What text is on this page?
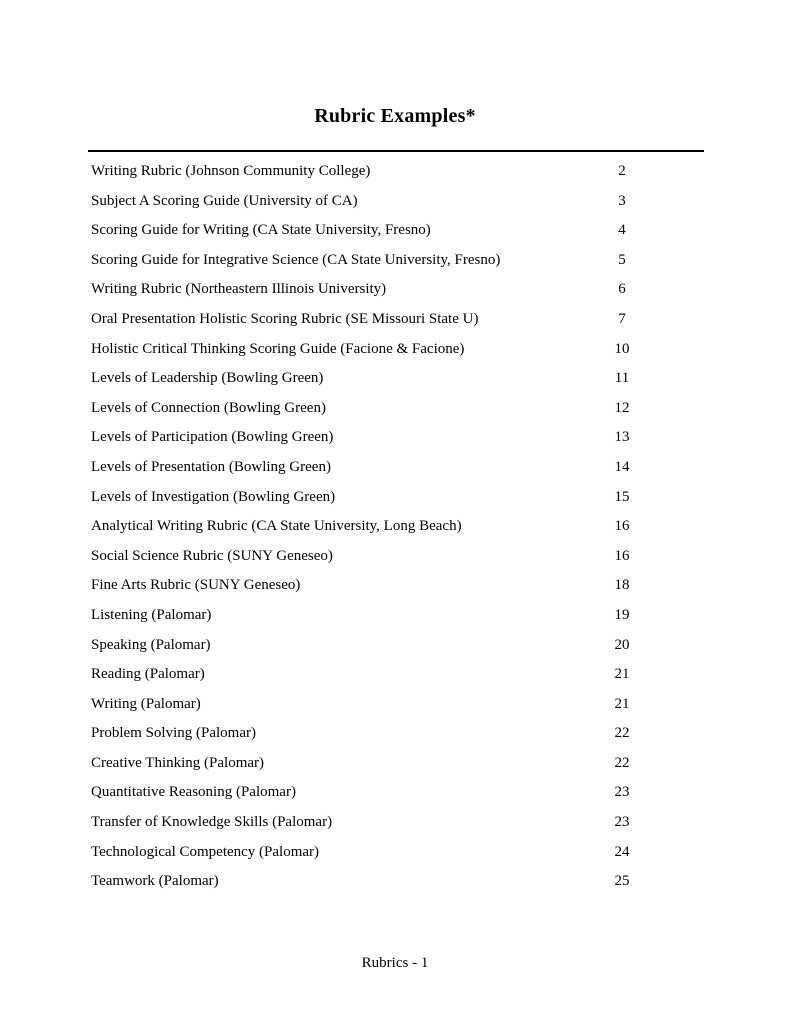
Rubric Examples*
Writing Rubric (Johnson Community College)	2
Subject A Scoring Guide (University of CA)	3
Scoring Guide for Writing (CA State University, Fresno)	4
Scoring Guide for Integrative Science (CA State University, Fresno)	5
Writing Rubric (Northeastern Illinois University)	6
Oral Presentation Holistic Scoring Rubric (SE Missouri State U)	7
Holistic Critical Thinking Scoring Guide (Facione & Facione)	10
Levels of Leadership (Bowling Green)	11
Levels of Connection (Bowling Green)	12
Levels of Participation (Bowling Green)	13
Levels of Presentation (Bowling Green)	14
Levels of Investigation (Bowling Green)	15
Analytical Writing Rubric (CA State University, Long Beach)	16
Social Science Rubric (SUNY Geneseo)	16
Fine Arts Rubric (SUNY Geneseo)	18
Listening (Palomar)	19
Speaking (Palomar)	20
Reading (Palomar)	21
Writing (Palomar)	21
Problem Solving (Palomar)	22
Creative Thinking (Palomar)	22
Quantitative Reasoning (Palomar)	23
Transfer of Knowledge Skills (Palomar)	23
Technological Competency (Palomar)	24
Teamwork (Palomar)	25
Rubrics - 1
